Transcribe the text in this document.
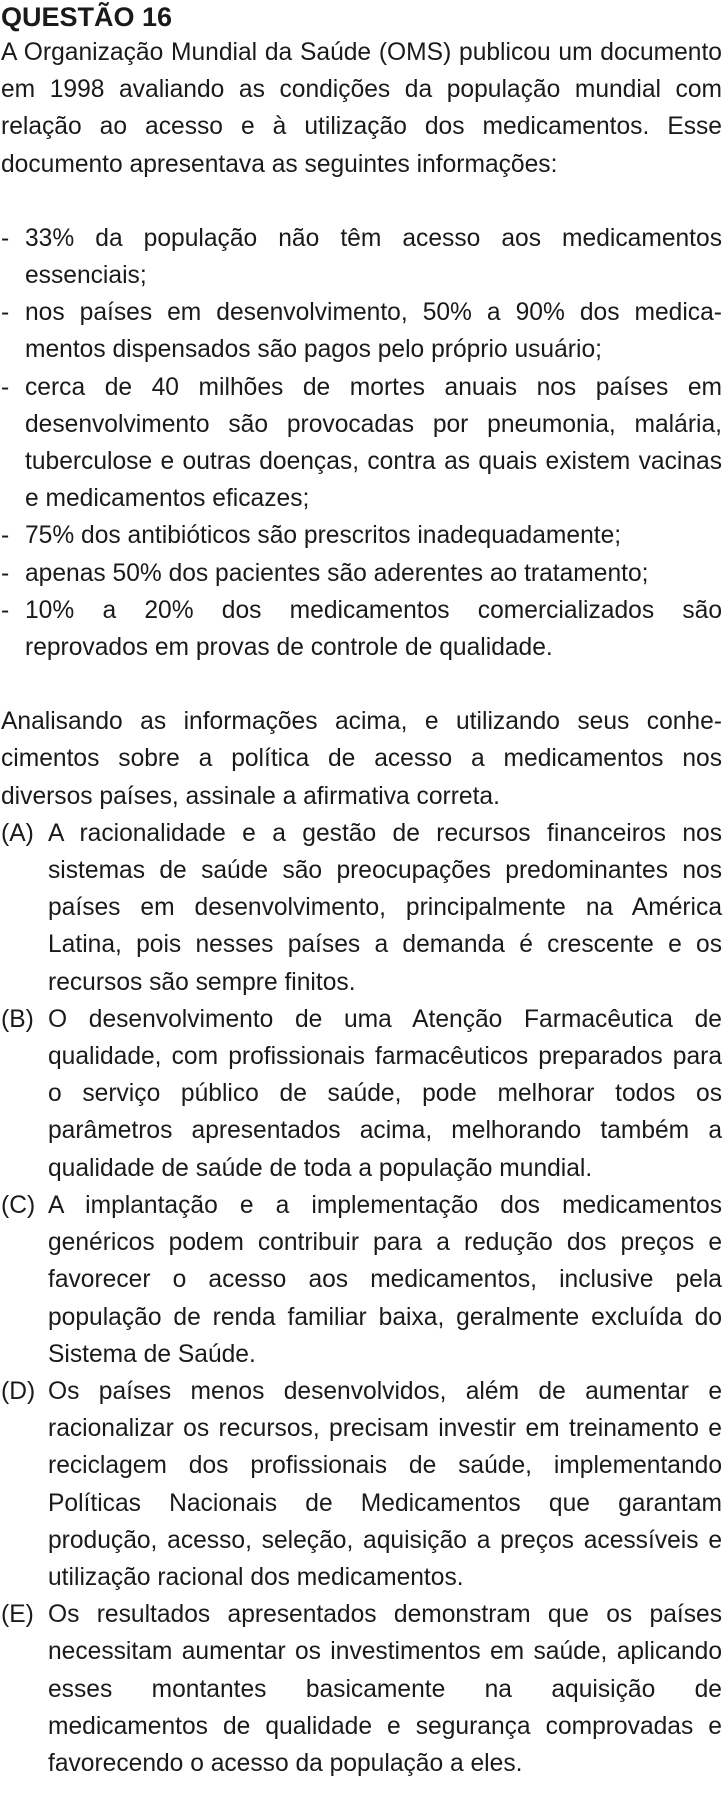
QUESTÃO 16

A Organização Mundial da Saúde (OMS) publicou um documento em 1998 avaliando as condições da população mundial com relação ao acesso e à utilização dos medicamentos. Esse documento apresentava as seguintes informações:

- 33% da população não têm acesso aos medicamentos essenciais;
- nos países em desenvolvimento, 50% a 90% dos medicamentos dispensados são pagos pelo próprio usuário;
- cerca de 40 milhões de mortes anuais nos países em desenvolvimento são provocadas por pneumonia, malária, tuberculose e outras doenças, contra as quais existem vacinas e medicamentos eficazes;
- 75% dos antibióticos são prescritos inadequadamente;
- apenas 50% dos pacientes são aderentes ao tratamento;
- 10% a 20% dos medicamentos comercializados são reprovados em provas de controle de qualidade.

Analisando as informações acima, e utilizando seus conhecimentos sobre a política de acesso a medicamentos nos diversos países, assinale a afirmativa correta.

(A) A racionalidade e a gestão de recursos financeiros nos sistemas de saúde são preocupações predominantes nos países em desenvolvimento, principalmente na América Latina, pois nesses países a demanda é crescente e os recursos são sempre finitos.
(B) O desenvolvimento de uma Atenção Farmacêutica de qualidade, com profissionais farmacêuticos preparados para o serviço público de saúde, pode melhorar todos os parâmetros apresentados acima, melhorando também a qualidade de saúde de toda a população mundial.
(C) A implantação e a implementação dos medicamentos genéricos podem contribuir para a redução dos preços e favorecer o acesso aos medicamentos, inclusive pela população de renda familiar baixa, geralmente excluída do Sistema de Saúde.
(D) Os países menos desenvolvidos, além de aumentar e racionalizar os recursos, precisam investir em treinamento e reciclagem dos profissionais de saúde, implementando Políticas Nacionais de Medicamentos que garantam produção, acesso, seleção, aquisição a preços acessíveis e utilização racional dos medicamentos.
(E) Os resultados apresentados demonstram que os países necessitam aumentar os investimentos em saúde, aplicando esses montantes basicamente na aquisição de medicamentos de qualidade e segurança comprovadas e favorecendo o acesso da população a eles.
